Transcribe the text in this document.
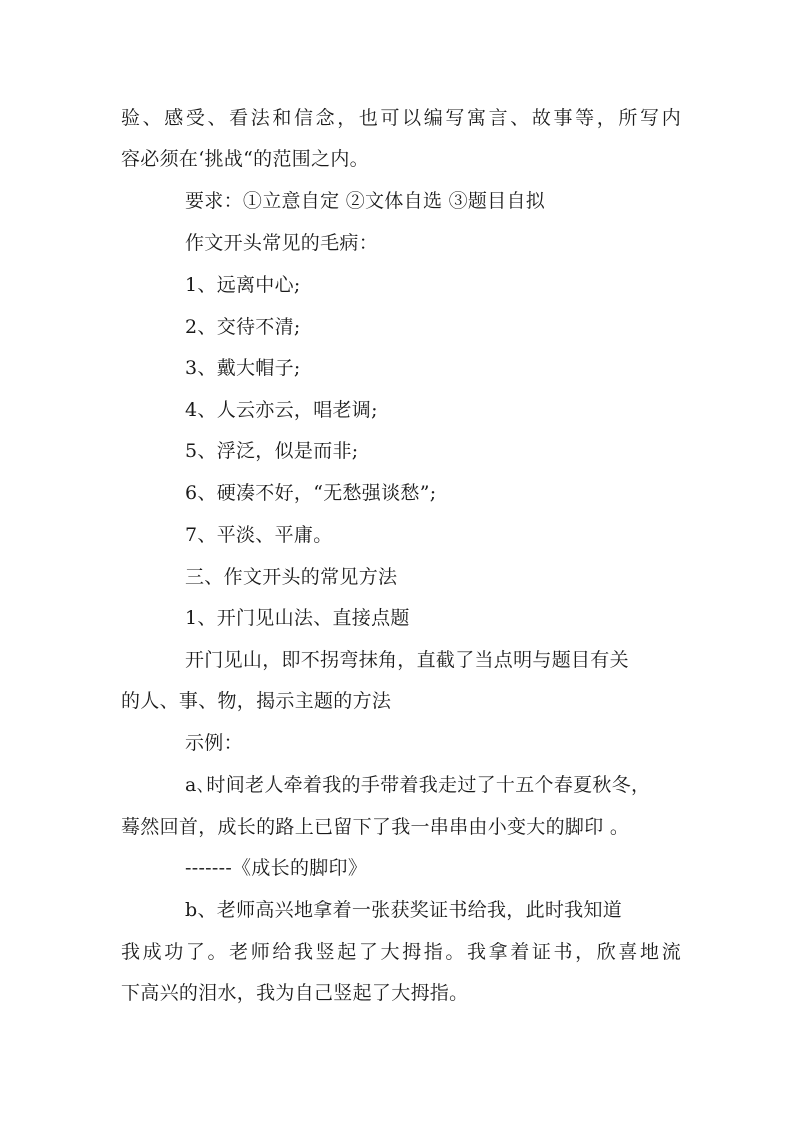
验、感受、看法和信念，也可以编写寓言、故事等，所写内
容必须在‘挑战“的范围之内。
要求：①立意自定 ②文体自选 ③题目自拟
作文开头常见的毛病：
1、远离中心;
2、交待不清;
3、戴大帽子;
4、人云亦云，唱老调;
5、浮泛，似是而非;
6、硬凑不好，“无愁强谈愁”;
7、平淡、平庸。
三、作文开头的常见方法
1、开门见山法、直接点题
开门见山，即不拐弯抹角，直截了当点明与题目有关
的人、事、物，揭示主题的方法
示例：
a､时间老人牵着我的手带着我走过了十五个春夏秋冬，
蓦然回首，成长的路上已留下了我一串串由小变大的脚印 。
-------《成长的脚印》
b、老师高兴地拿着一张获奖证书给我，此时我知道
我成功了。老师给我竖起了大拇指。我拿着证书，欣喜地流
下高兴的泪水，我为自己竖起了大拇指。
